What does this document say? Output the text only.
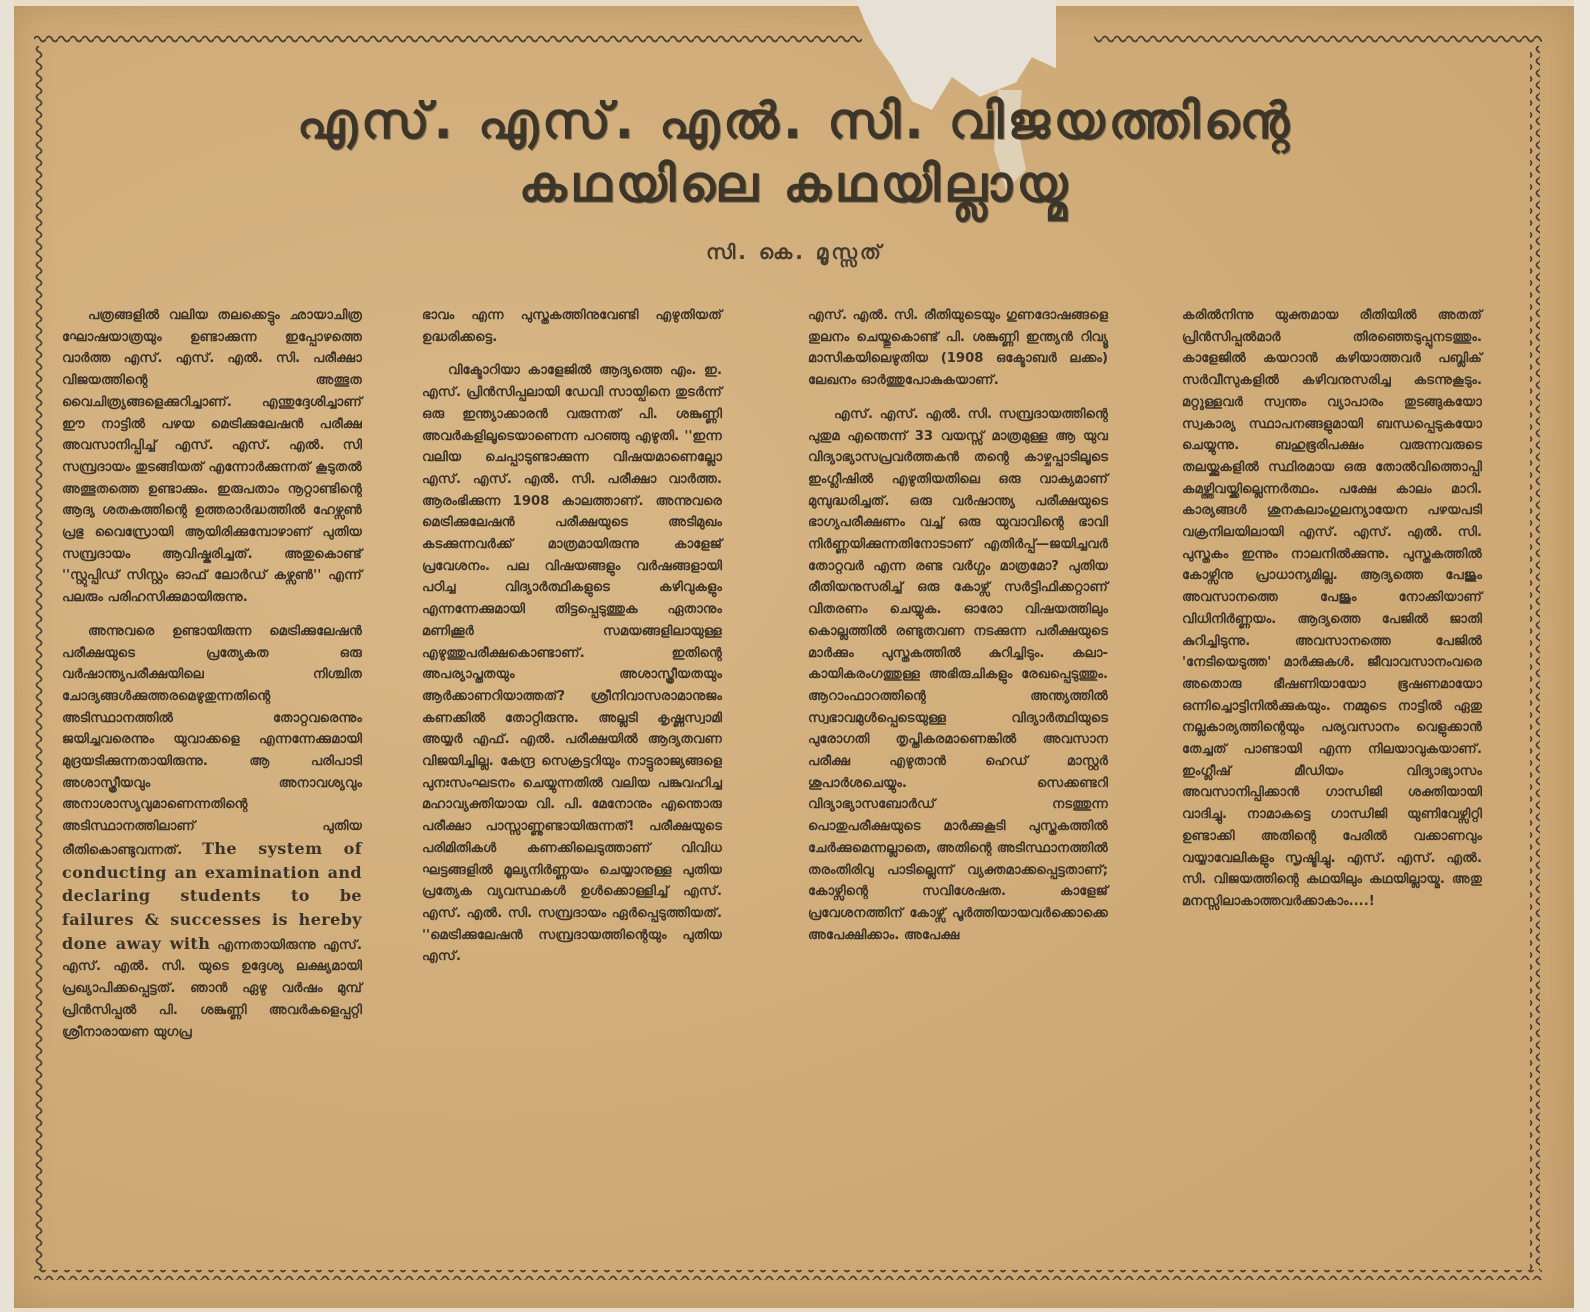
എസ്. എസ്. എൽ. സി. വിജയത്തിന്റെ
കഥയിലെ കഥയില്ലായ്മ
സി. കെ. മൂസ്സത്

പത്രങ്ങളിൽ വലിയ തലക്കെട്ടും ഛായാചിത്ര ഘോഷയാത്രയും ഉണ്ടാക്കുന്ന ഇപ്പോഴത്തെ വാർത്ത എസ്. എസ്. എൽ. സി. പരീക്ഷാ വിജയത്തിന്റെ അത്ഭുത വൈചിത്ര്യങ്ങളെക്കുറിച്ചാണ്. എന്തുദ്ദേശിച്ചാണ് ഈ നാട്ടിൽ പഴയ മെട്രിക്കുലേഷൻ പരീക്ഷ അവസാനിപ്പിച്ച് എസ്. എസ്. എൽ. സി സമ്പ്രദായം തുടങ്ങിയത് എന്നോർക്കുന്നത് കൂടുതൽ അത്ഭുതത്തെ ഉണ്ടാക്കും. ഇരുപതാം നൂറ്റാണ്ടിന്റെ ആദ്യ ശതകത്തിന്റെ ഉത്തരാർദ്ധത്തിൽ ഹേഴ്സൺ പ്രഭു വൈസ്രോയി ആയിരിക്കുമ്പോഴാണ് പുതിയ സമ്പ്രദായം ആവിഷ്കരിച്ചത്. അതുകൊണ്ട് ''സ്റ്റുപ്പിഡ് സിസ്റ്റം ഓഫ് ലോർഡ് കഴ്സൺ'' എന്ന് പലരും പരിഹസിക്കുമായിരുന്നു.

അന്നുവരെ ഉണ്ടായിരുന്ന മെട്രിക്കുലേഷൻ പരീക്ഷയുടെ പ്രത്യേകത ഒരു വർഷാന്ത്യപരീക്ഷയിലെ നിശ്ചിത ചോദ്യങ്ങൾക്കുത്തരമെഴുതുന്നതിന്റെ അടിസ്ഥാനത്തിൽ തോറ്റവരെന്നും ജയിച്ചവരെന്നും യുവാക്കളെ എന്നന്നേക്കുമായി മുദ്രയടിക്കുന്നതായിരുന്നു. ആ പരിപാടി അശാസ്ത്രീയവും അനാവശ്യവും അനാശാസ്യവുമാണെന്നതിന്റെ അടിസ്ഥാനത്തിലാണ് പുതിയ രീതികൊണ്ടുവന്നത്. The system of conducting an examination and declaring students to be failures & successes is hereby done away with എന്നതായിരുന്നു എസ്. എസ്. എൽ. സി. യുടെ ഉദ്ദേശ്യ ലക്ഷ്യമായി പ്രഖ്യാപിക്കപ്പെട്ടത്. ഞാൻ ഏഴു വർഷം മുമ്പ് പ്രിൻസിപ്പൽ പി. ശങ്കുണ്ണി അവർകളെപ്പറ്റി ശ്രീനാരായണ യുഗപ്ര

ഭാവം എന്ന പുസ്തകത്തിനുവേണ്ടി എഴുതിയത് ഉദ്ധരിക്കട്ടെ.

വിക്ടോറിയാ കാളേജിൽ ആദ്യത്തെ എം. ഇ. എസ്. പ്രിൻസിപ്പലായി ഡേവി സായ്പിനെ തുടർന്ന് ഒരു ഇന്ത്യാക്കാരൻ വരുന്നത് പി. ശങ്കുണ്ണി അവർകളിലൂടെയാണെന്ന പറഞ്ഞു എഴുതി. ''ഇന്ന വലിയ ചെപ്പാടുണ്ടാക്കുന്ന വിഷയമാണെല്ലോ എസ്. എസ്. എൽ. സി. പരീക്ഷാ വാർത്ത. ആരംഭിക്കുന്ന 1908 കാലത്താണ്. അന്നുവരെ മെട്രിക്കുലേഷൻ പരീക്ഷയുടെ അടിമുഖം കടക്കുന്നവർക്ക് മാത്രമായിരുന്നു കാളേജ് പ്രവേശനം. പല വിഷയങ്ങളും വർഷങ്ങളായി പഠിച്ച വിദ്യാർത്ഥികളുടെ കഴിവുകളും എന്നന്നേക്കുമായി തിട്ടപ്പെടുത്തുക ഏതാനും മണിക്കൂർ സമയങ്ങളിലായുള്ള എഴുത്തുപരീക്ഷകൊണ്ടാണ്. ഇതിന്റെ അപര്യാപ്തതയും അശാസ്ത്രീയതയും ആർക്കാണറിയാത്തത്? ശ്രീനിവാസരാമാനുജം കണക്കിൽ തോറ്റിരുന്നു. അല്ലടി കൃഷ്ണസ്വാമി അയ്യർ എഫ്. എൽ. പരീക്ഷയിൽ ആദ്യതവണ വിജയിച്ചില്ല. കേന്ദ്ര സെക്രട്ടറിയും നാട്ടുരാജ്യങ്ങളെ പുനഃസംഘടനം ചെയ്യുന്നതിൽ വലിയ പങ്കുവഹിച്ച മഹാവ്യക്തിയായ വി. പി. മേനോനും എന്തൊരു പരീക്ഷാ പാസ്സാണ്ണുണ്ടായിരുന്നത്! പരീക്ഷയുടെ പരിമിതികൾ കണക്കിലെടുത്താണ് വിവിധ ഘട്ടങ്ങളിൽ മൂല്യനിർണ്ണയം ചെയ്യാനുള്ള പുതിയ പ്രത്യേക വ്യവസ്ഥകൾ ഉൾക്കൊള്ളിച്ച് എസ്. എസ്. എൽ. സി. സമ്പ്രദായം ഏർപ്പെടുത്തിയത്. ''മെട്രിക്കുലേഷൻ സമ്പ്രദായത്തിന്റെയും പുതിയ എസ്.

എസ്. എൽ. സി. രീതിയുടെയും ഗുണദോഷങ്ങളെ തുലനം ചെയ്തുകൊണ്ട് പി. ശങ്കുണ്ണി ഇന്ത്യൻ റിവ്യൂ മാസികയിലെഴുതിയ (1908 ഒക്ടോബർ ലക്കം) ലേഖനം ഓർത്തുപോകുകയാണ്.

എസ്. എസ്. എൽ. സി. സമ്പ്രദായത്തിന്റെ പുതുമ എന്തെന്ന് 33 വയസ്സ് മാത്രമുള്ള ആ യുവ വിദ്യാഭ്യാസപ്രവർത്തകൻ തന്റെ കാഴ്ചപ്പാടിലൂടെ ഇംഗ്ലീഷിൽ എഴുതിയതിലെ ഒരു വാക്യമാണ് മുമ്പുദ്ധരിച്ചത്. ഒരു വർഷാന്ത്യ പരീക്ഷയുടെ ഭാഗ്യപരീക്ഷണം വച്ച് ഒരു യുവാവിന്റെ ഭാവി നിർണ്ണയിക്കുന്നതിനോടാണ് എതിർപ്പ്—ജയിച്ചവർ തോറ്റവർ എന്ന രണ്ട വർഗ്ഗം മാത്രമോ? പുതിയ രീതിയനുസരിച്ച് ഒരു കോഴ്സ് സർട്ടിഫിക്കറ്റാണ് വിതരണം ചെയ്യുക. ഓരോ വിഷയത്തിലും കൊല്ലത്തിൽ രണ്ടുതവണ നടക്കുന്ന പരീക്ഷയുടെ മാർക്കും പുസ്തകത്തിൽ കുറിച്ചിടും. കലാ-കായികരംഗത്തുള്ള അഭിരുചികളും രേഖപ്പെടുത്തും. ആറാംഫാറത്തിന്റെ അന്ത്യത്തിൽ സ്വഭാവമുൾപ്പെടെയുള്ള വിദ്യാർത്ഥിയുടെ പുരോഗതി തൃപ്തികരമാണെങ്കിൽ അവസാന പരീക്ഷ എഴുതാൻ ഹെഡ് മാസ്റ്റർ ശുപാർശചെയ്യും. സെക്കണ്ടറി വിദ്യാഭ്യാസബോർഡ് നടത്തുന്ന പൊതുപരീക്ഷയുടെ മാർക്കുകൂടി പുസ്തകത്തിൽ ചേർക്കുമെന്നല്ലാതെ, അതിന്റെ അടിസ്ഥാനത്തിൽ തരംതിരിവു പാടില്ലെന്ന് വ്യക്തമാക്കപ്പെട്ടതാണ്; കോഴ്സിന്റെ സവിശേഷത. കാളേജ് പ്രവേശനത്തിന് കോഴ്സ് പൂർത്തിയായവർക്കൊക്കെ അപേക്ഷിക്കാം. അപേക്ഷ

കരിൽനിന്നു യുക്തമായ രീതിയിൽ അതത് പ്രിൻസിപ്പൽമാർ തിരഞ്ഞെടുപ്പുനടത്തും. കാളേജിൽ കയറാൻ കഴിയാത്തവർ പബ്ലിക് സർവീസുകളിൽ കഴിവനുസരിച്ച കടന്നുകൂടും. മറ്റുള്ളവർ സ്വന്തം വ്യാപാരം തുടങ്ങുകയോ സ്വകാര്യ സ്ഥാപനങ്ങളുമായി ബന്ധപ്പെടുകയോ ചെയ്യുന്നു. ബഹുഭൂരിപക്ഷം വരുന്നവരുടെ തലയ്ക്കുകളിൽ സ്ഥിരമായ ഒരു തോൽവിത്തൊപ്പി കമഴ്ത്തിവയ്ക്കില്ലെന്നർത്ഥം. പക്ഷേ കാലം മാറി. കാര്യങ്ങൾ ശുനകലാംഗുലന്യായേന പഴയപടി വക്രനിലയിലായി എസ്. എസ്. എൽ. സി. പുസ്തകം ഇന്നും നാലനിൽക്കുന്നു. പുസ്തകത്തിൽ കോഴ്സിനു പ്രാധാന്യമില്ല. ആദ്യത്തെ പേജും അവസാനത്തെ പേജും നോക്കിയാണ് വിധിനിർണ്ണയം. ആദ്യത്തെ പേജിൽ ജാതി കുറിച്ചിടുന്നു. അവസാനത്തെ പേജിൽ 'നേടിയെടുത്ത' മാർക്കുകൾ. ജീവാവസാനംവരെ അതൊരു ഭീഷണിയായോ ഭൂഷണമായോ ഒന്നിച്ചൊട്ടിനിൽക്കുകയും. നമ്മുടെ നാട്ടിൽ ഏതു നല്ലകാര്യത്തിന്റെയും പര്യവസാനം വെളുക്കാൻ തേച്ചത് പാണ്ടായി എന്ന നിലയാവുകയാണ്. ഇംഗ്ലീഷ് മീഡിയം വിദ്യാഭ്യാസം അവസാനിപ്പിക്കാൻ ഗാന്ധിജി ശക്തിയായി വാദിച്ചു. നാമാകട്ടെ ഗാന്ധിജി യുണിവേഴ്സിറ്റി ഉണ്ടാക്കി അതിന്റെ പേരിൽ വക്കാണവും വയ്യാവേലികളും സൃഷ്ടിച്ചു. എസ്. എസ്. എൽ. സി. വിജയത്തിന്റെ കഥയിലും കഥയില്ലായ്മ. അതു മനസ്സിലാകാത്തവർക്കാകാം....!
